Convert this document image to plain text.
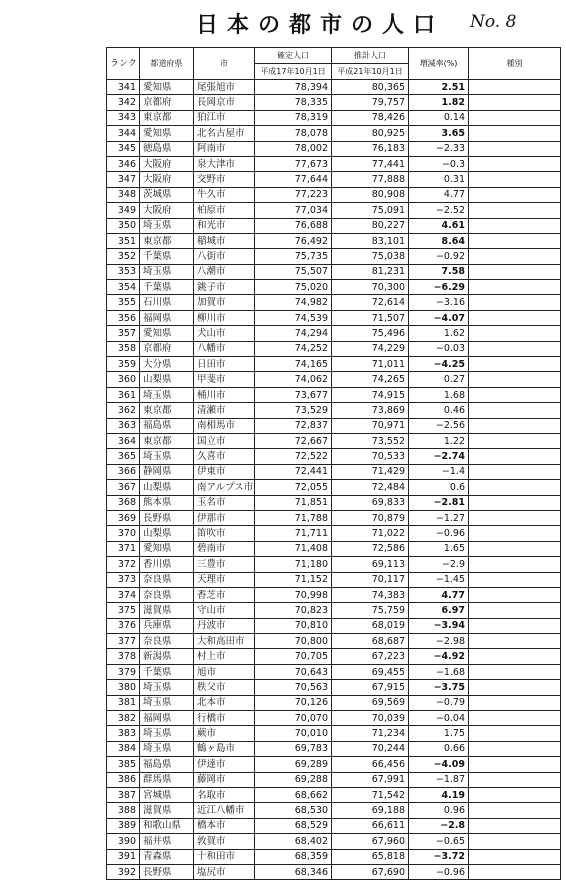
日本の都市の人口 No. 8
ランク	都道府県	市	確定人口	推計人口	増減率(%)	種別
			平成17年10月1日	平成21年10月1日		
341	愛知県	尾張旭市	78,394	80,365	2.51	
342	京都府	長岡京市	78,335	79,757	1.82	
343	東京都	狛江市	78,319	78,426	0.14	
344	愛知県	北名古屋市	78,078	80,925	3.65	
345	徳島県	阿南市	78,002	76,183	−2.33	
346	大阪府	泉大津市	77,673	77,441	−0.3	
347	大阪府	交野市	77,644	77,888	0.31	
348	茨城県	牛久市	77,223	80,908	4.77	
349	大阪府	柏原市	77,034	75,091	−2.52	
350	埼玉県	和光市	76,688	80,227	4.61	
351	東京都	稲城市	76,492	83,101	8.64	
352	千葉県	八街市	75,735	75,038	−0.92	
353	埼玉県	八潮市	75,507	81,231	7.58	
354	千葉県	銚子市	75,020	70,300	−6.29	
355	石川県	加賀市	74,982	72,614	−3.16	
356	福岡県	柳川市	74,539	71,507	−4.07	
357	愛知県	犬山市	74,294	75,496	1.62	
358	京都府	八幡市	74,252	74,229	−0.03	
359	大分県	日田市	74,165	71,011	−4.25	
360	山梨県	甲斐市	74,062	74,265	0.27	
361	埼玉県	桶川市	73,677	74,915	1.68	
362	東京都	清瀬市	73,529	73,869	0.46	
363	福島県	南相馬市	72,837	70,971	−2.56	
364	東京都	国立市	72,667	73,552	1.22	
365	埼玉県	久喜市	72,522	70,533	−2.74	
366	静岡県	伊東市	72,441	71,429	−1.4	
367	山梨県	南アルプス市	72,055	72,484	0.6	
368	熊本県	玉名市	71,851	69,833	−2.81	
369	長野県	伊那市	71,788	70,879	−1.27	
370	山梨県	笛吹市	71,711	71,022	−0.96	
371	愛知県	碧南市	71,408	72,586	1.65	
372	香川県	三豊市	71,180	69,113	−2.9	
373	奈良県	天理市	71,152	70,117	−1.45	
374	奈良県	香芝市	70,998	74,383	4.77	
375	滋賀県	守山市	70,823	75,759	6.97	
376	兵庫県	丹波市	70,810	68,019	−3.94	
377	奈良県	大和高田市	70,800	68,687	−2.98	
378	新潟県	村上市	70,705	67,223	−4.92	
379	千葉県	旭市	70,643	69,455	−1.68	
380	埼玉県	秩父市	70,563	67,915	−3.75	
381	埼玉県	北本市	70,126	69,569	−0.79	
382	福岡県	行橋市	70,070	70,039	−0.04	
383	埼玉県	蕨市	70,010	71,234	1.75	
384	埼玉県	鶴ヶ島市	69,783	70,244	0.66	
385	福島県	伊達市	69,289	66,456	−4.09	
386	群馬県	藤岡市	69,288	67,991	−1.87	
387	宮城県	名取市	68,662	71,542	4.19	
388	滋賀県	近江八幡市	68,530	69,188	0.96	
389	和歌山県	橋本市	68,529	66,611	−2.8	
390	福井県	敦賀市	68,402	67,960	−0.65	
391	青森県	十和田市	68,359	65,818	−3.72	
392	長野県	塩尻市	68,346	67,690	−0.96	
